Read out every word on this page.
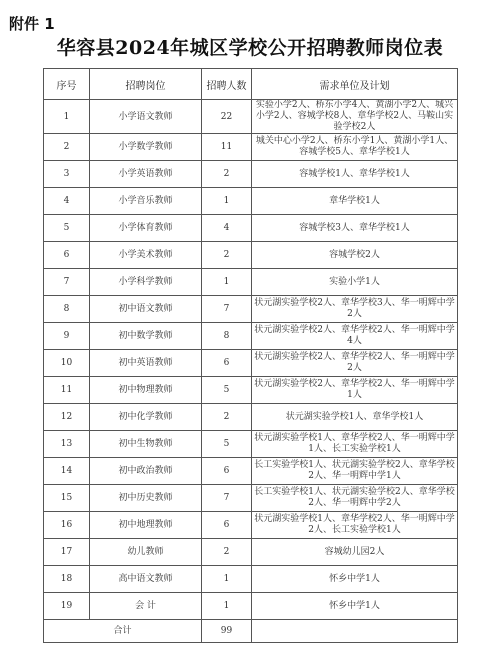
附件 1
华容县2024年城区学校公开招聘教师岗位表
序号	招聘岗位	招聘人数	需求单位及计划
1	小学语文教师	22	实验小学2人、桥东小学4人、黄湖小学2人、城兴小学2人、容城学校8人、章华学校2人、马鞍山实验学校2人
2	小学数学教师	11	城关中心小学2人、桥东小学1人、黄湖小学1人、容城学校5人、章华学校1人
3	小学英语教师	2	容城学校1人、章华学校1人
4	小学音乐教师	1	章华学校1人
5	小学体育教师	4	容城学校3人、章华学校1人
6	小学美术教师	2	容城学校2人
7	小学科学教师	1	实验小学1人
8	初中语文教师	7	状元湖实验学校2人、章华学校3人、华一明辉中学2人
9	初中数学教师	8	状元湖实验学校2人、章华学校2人、华一明辉中学4人
10	初中英语教师	6	状元湖实验学校2人、章华学校2人、华一明辉中学2人
11	初中物理教师	5	状元湖实验学校2人、章华学校2人、华一明辉中学1人
12	初中化学教师	2	状元湖实验学校1人、章华学校1人
13	初中生物教师	5	状元湖实验学校1人、章华学校2人、华一明辉中学1人、长工实验学校1人
14	初中政治教师	6	长工实验学校1人、状元湖实验学校2人、章华学校2人、华一明辉中学1人
15	初中历史教师	7	长工实验学校1人、状元湖实验学校2人、章华学校2人、华一明辉中学2人
16	初中地理教师	6	状元湖实验学校1人、章华学校2人、华一明辉中学2人、长工实验学校1人
17	幼儿教师	2	容城幼儿园2人
18	高中语文教师	1	怀乡中学1人
19	会 计	1	怀乡中学1人
合计		99	
